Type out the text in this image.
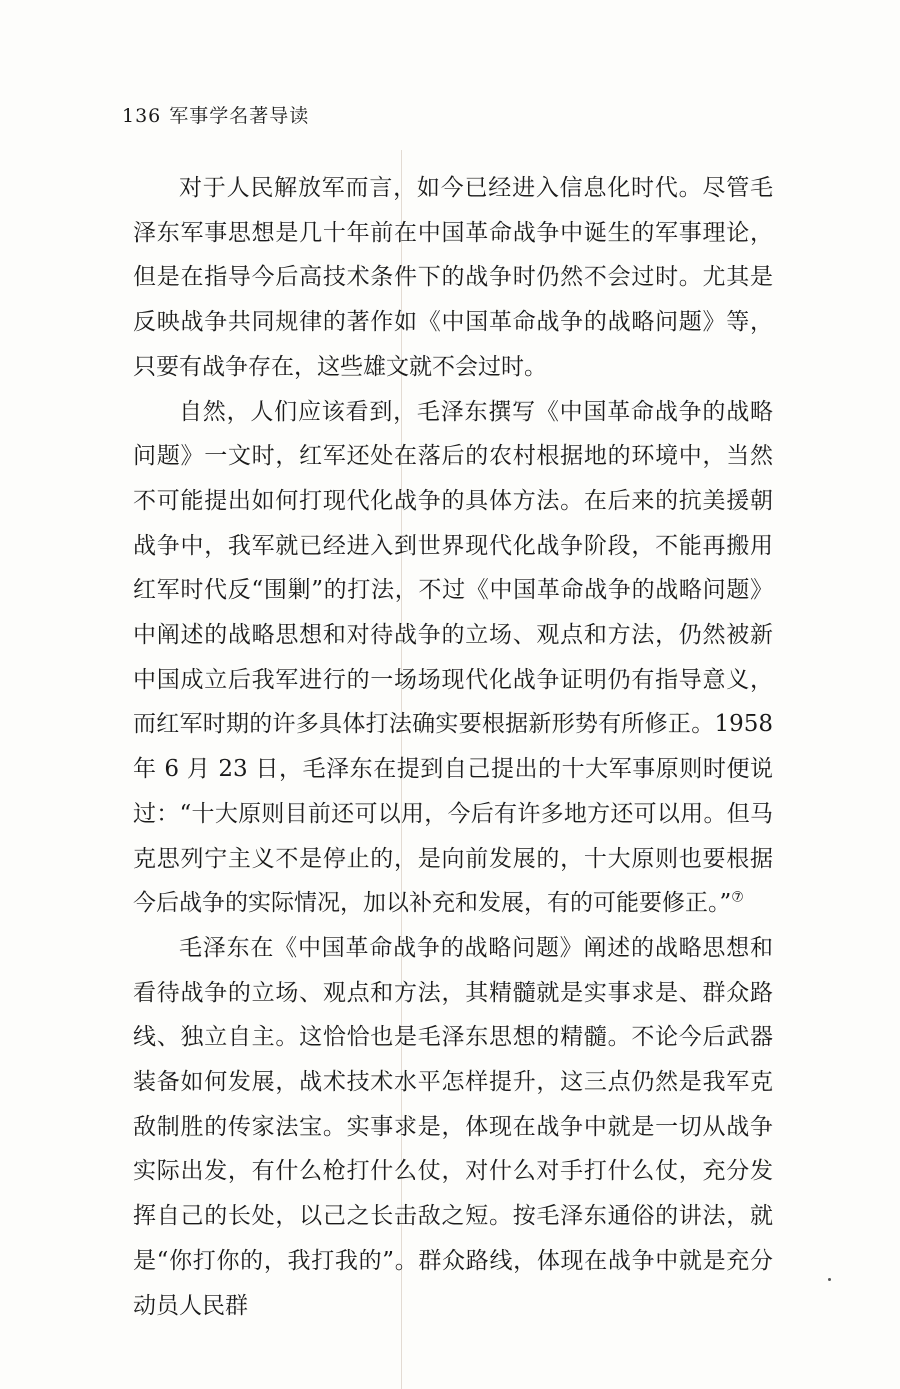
136 军事学名著导读

对于人民解放军而言，如今已经进入信息化时代。尽管毛泽东军事思想是几十年前在中国革命战争中诞生的军事理论，但是在指导今后高技术条件下的战争时仍然不会过时。尤其是反映战争共同规律的著作如《中国革命战争的战略问题》等，只要有战争存在，这些雄文就不会过时。

自然，人们应该看到，毛泽东撰写《中国革命战争的战略问题》一文时，红军还处在落后的农村根据地的环境中，当然不可能提出如何打现代化战争的具体方法。在后来的抗美援朝战争中，我军就已经进入到世界现代化战争阶段，不能再搬用红军时代反“围剿”的打法，不过《中国革命战争的战略问题》中阐述的战略思想和对待战争的立场、观点和方法，仍然被新中国成立后我军进行的一场场现代化战争证明仍有指导意义，而红军时期的许多具体打法确实要根据新形势有所修正。1958 年 6 月 23 日，毛泽东在提到自己提出的十大军事原则时便说过：“十大原则目前还可以用，今后有许多地方还可以用。但马克思列宁主义不是停止的，是向前发展的，十大原则也要根据今后战争的实际情况，加以补充和发展，有的可能要修正。”⑦

毛泽东在《中国革命战争的战略问题》阐述的战略思想和看待战争的立场、观点和方法，其精髓就是实事求是、群众路线、独立自主。这恰恰也是毛泽东思想的精髓。不论今后武器装备如何发展，战术技术水平怎样提升，这三点仍然是我军克敌制胜的传家法宝。实事求是，体现在战争中就是一切从战争实际出发，有什么枪打什么仗，对什么对手打什么仗，充分发挥自己的长处，以己之长击敌之短。按毛泽东通俗的讲法，就是“你打你的，我打我的”。群众路线，体现在战争中就是充分动员人民群
